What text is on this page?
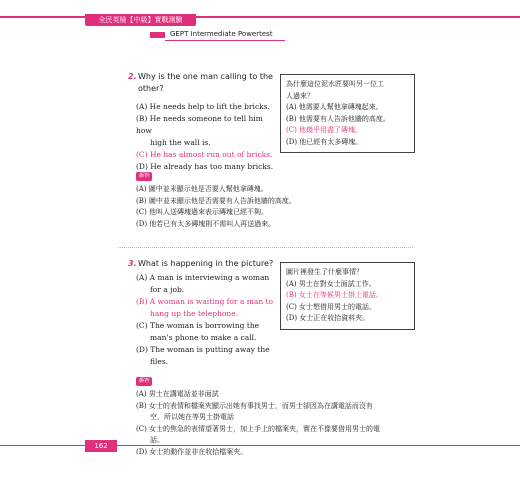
全民英檢【中級】實戰測驗
GEPT Intermediate Powertest
2. Why is the one man calling to the
other?
(A) He needs help to lift the bricks.
(B) He needs someone to tell him how
high the wall is.
(C) He has almost run out of bricks.
(D) He already has too many bricks.
為什麼這位泥水匠要叫另一位工
人過來？
(A) 他需要人幫他拿磚塊起來。
(B) 他需要有人告訴他牆的高度。
(C) 他幾乎用盡了磚塊。
(D) 他已經有太多磚塊。
解析
(A) 圖中並未顯示他是否要人幫他拿磚塊。
(B) 圖中並未顯示他是否需要有人告訴他牆的高度。
(C) 他叫人送磚塊過來表示磚塊已經不夠。
(D) 他若已有太多磚塊則不需叫人再送過來。
3. What is happening in the picture?
(A) A man is interviewing a woman
for a job.
(B) A woman is waiting for a man to
hang up the telephone.
(C) The woman is borrowing the
man’s phone to make a call.
(D) The woman is putting away the
files.
圖片裡發生了什麼事情？
(A) 男士在對女士面試工作。
(B) 女士在等候男士掛上電話。
(C) 女士想借用男士的電話。
(D) 女士正在收拾資料夾。
解析
(A) 男士在講電話並非面試
(B) 女士的表情和檔案夾顯示出她有事找男士，而男士卻因為在講電話而沒有
空，所以她在等男士掛電話
(C) 女士的焦急的表情望著男士，加上手上的檔案夾，實在不像要借用男士的電
話。
(D) 女士的動作並非在收拾檔案夾。
162
